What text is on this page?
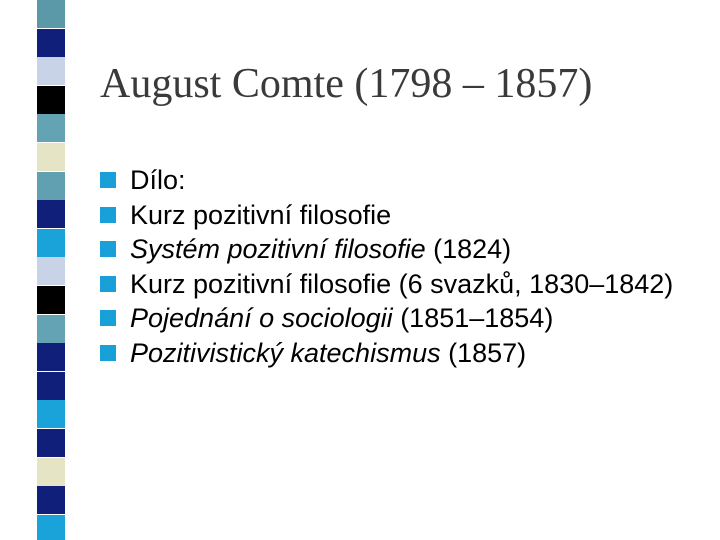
August Comte (1798 – 1857)
Dílo:
Kurz pozitivní filosofie
Systém pozitivní filosofie (1824)
Kurz pozitivní filosofie (6 svazků, 1830–1842)
Pojednání o sociologii (1851–1854)
Pozitivistický katechismus (1857)
